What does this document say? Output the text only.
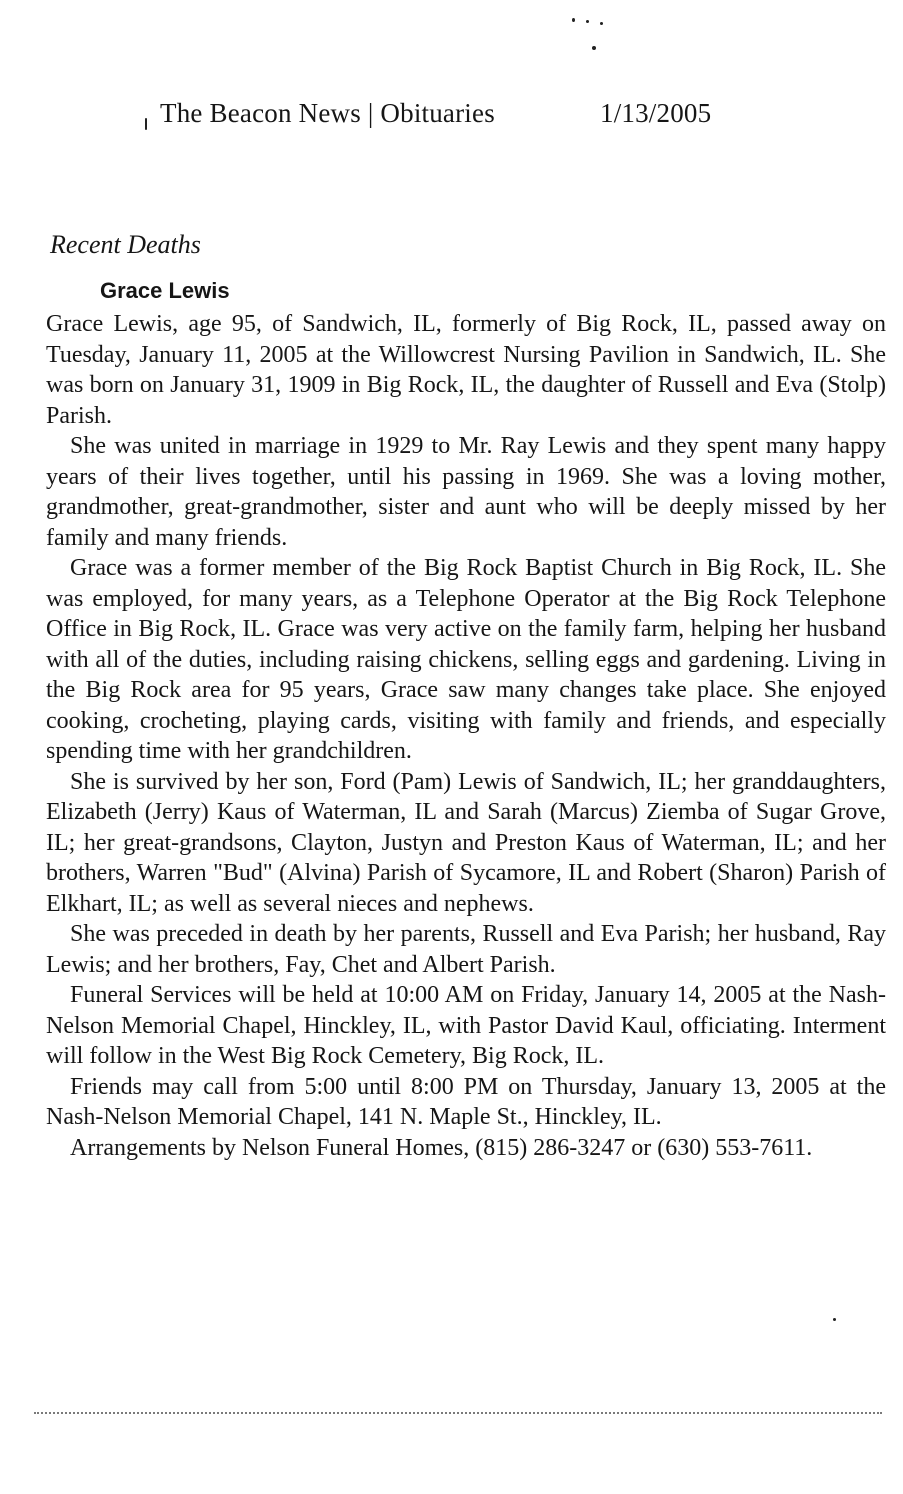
The Beacon News | Obituaries	1/13/2005
Recent Deaths
Grace Lewis

Grace Lewis, age 95, of Sandwich, IL, formerly of Big Rock, IL, passed away on Tuesday, January 11, 2005 at the Willowcrest Nursing Pavilion in Sandwich, IL. She was born on January 31, 1909 in Big Rock, IL, the daughter of Russell and Eva (Stolp) Parish.

She was united in marriage in 1929 to Mr. Ray Lewis and they spent many happy years of their lives together, until his passing in 1969. She was a loving mother, grandmother, great-grandmother, sister and aunt who will be deeply missed by her family and many friends.

Grace was a former member of the Big Rock Baptist Church in Big Rock, IL. She was employed, for many years, as a Telephone Operator at the Big Rock Telephone Office in Big Rock, IL. Grace was very active on the family farm, helping her husband with all of the duties, including raising chickens, selling eggs and gardening. Living in the Big Rock area for 95 years, Grace saw many changes take place. She enjoyed cooking, crocheting, playing cards, visiting with family and friends, and especially spending time with her grandchildren.

She is survived by her son, Ford (Pam) Lewis of Sandwich, IL; her granddaughters, Elizabeth (Jerry) Kaus of Waterman, IL and Sarah (Marcus) Ziemba of Sugar Grove, IL; her great-grandsons, Clayton, Justyn and Preston Kaus of Waterman, IL; and her brothers, Warren "Bud" (Alvina) Parish of Sycamore, IL and Robert (Sharon) Parish of Elkhart, IL; as well as several nieces and nephews.

She was preceded in death by her parents, Russell and Eva Parish; her husband, Ray Lewis; and her brothers, Fay, Chet and Albert Parish.

Funeral Services will be held at 10:00 AM on Friday, January 14, 2005 at the Nash-Nelson Memorial Chapel, Hinckley, IL, with Pastor David Kaul, officiating. Interment will follow in the West Big Rock Cemetery, Big Rock, IL.

Friends may call from 5:00 until 8:00 PM on Thursday, January 13, 2005 at the Nash-Nelson Memorial Chapel, 141 N. Maple St., Hinckley, IL.

Arrangements by Nelson Funeral Homes, (815) 286-3247 or (630) 553-7611.
